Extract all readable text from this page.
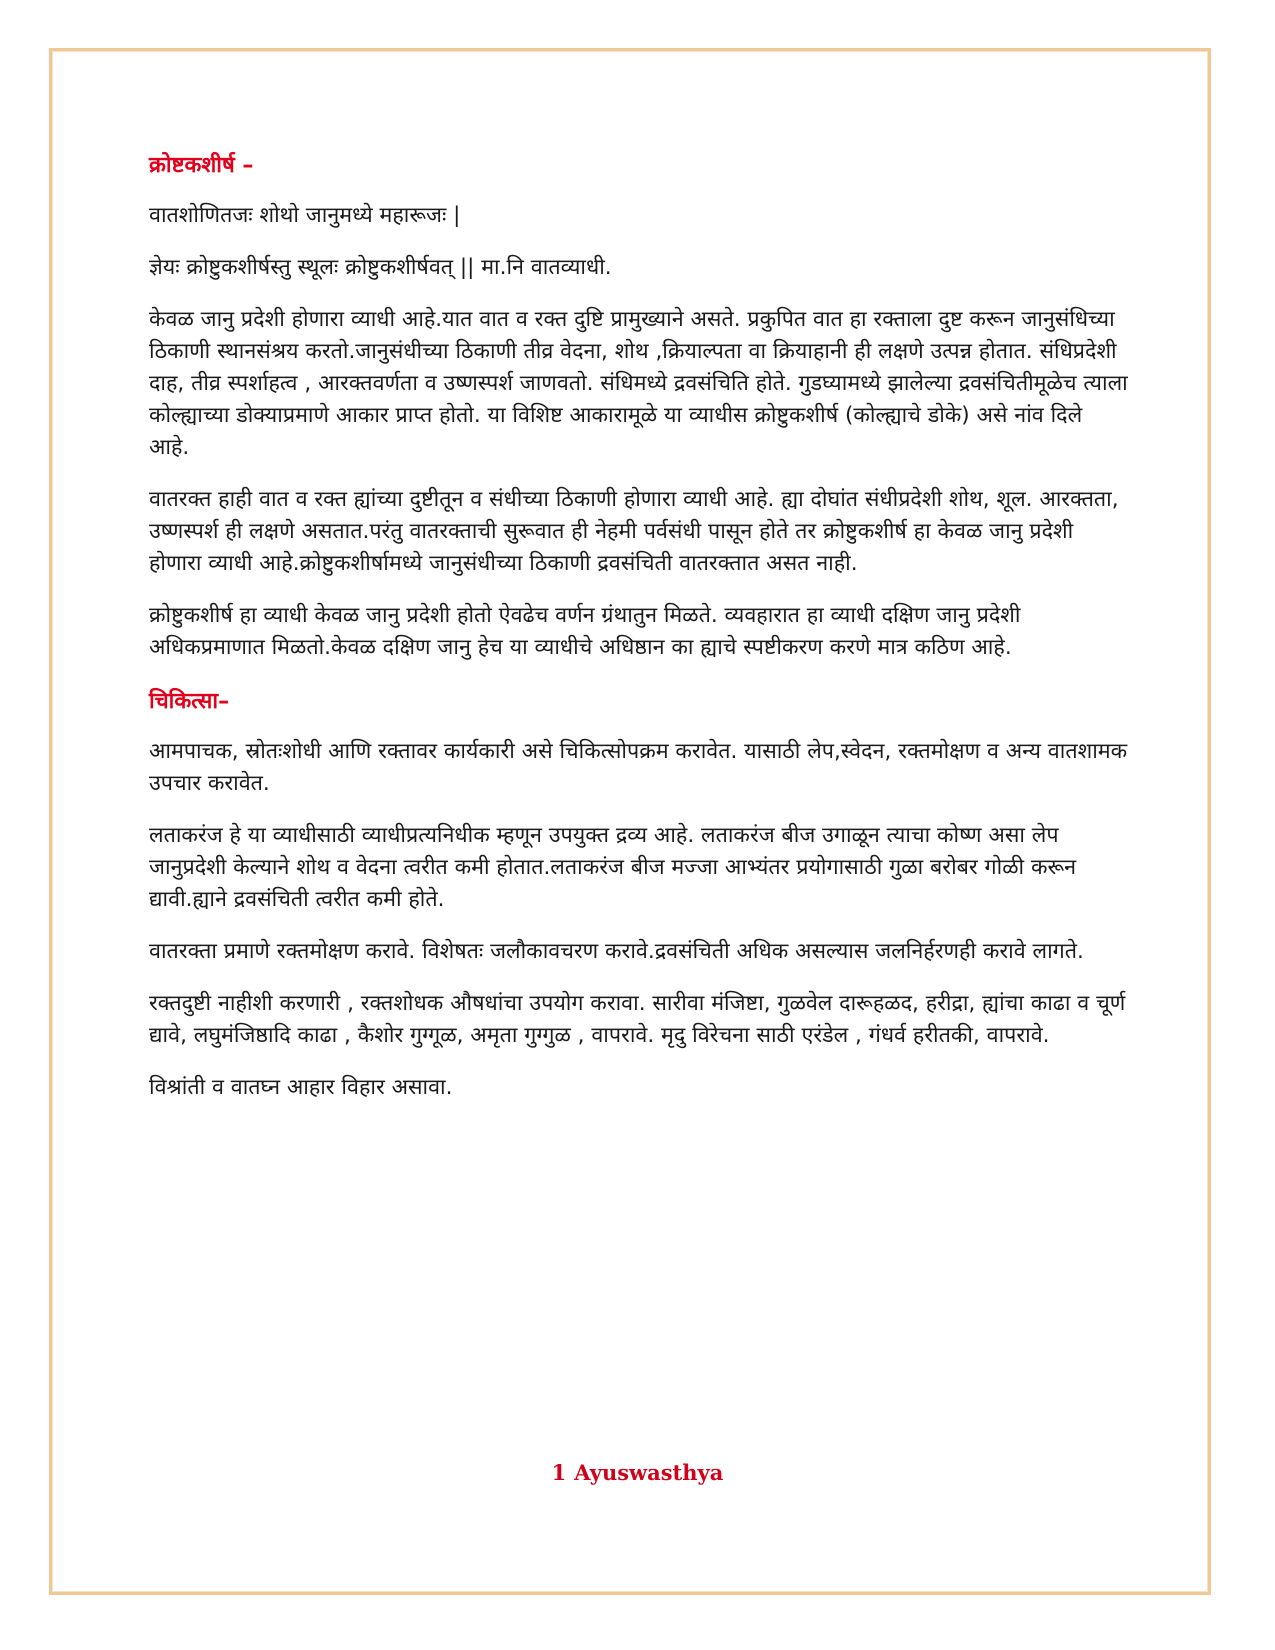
क्रोष्टकशीर्ष –

वातशोणितजः शोथो जानुमध्ये महारूजः |

ज्ञेयः क्रोष्टुकशीर्षस्तु स्थूलः क्रोष्टुकशीर्षवत् || मा.नि वातव्याधी.

केवळ जानु प्रदेशी होणारा व्याधी आहे.यात वात व रक्त दुष्टि प्रामुख्याने असते. प्रकुपित वात हा रक्ताला दुष्ट करून जानुसंधिच्या ठिकाणी स्थानसंश्रय करतो.जानुसंधीच्या ठिकाणी तीव्र वेदना, शोथ ,क्रियाल्पता वा क्रियाहानी ही लक्षणे उत्पन्न होतात. संधिप्रदेशी दाह, तीव्र स्पर्शाहत्व , आरक्तवर्णता व उष्णस्पर्श जाणवतो. संधिमध्ये द्रवसंचिति होते. गुडघ्यामध्ये झालेल्या द्रवसंचितीमूळेच त्याला कोल्ह्याच्या डोक्याप्रमाणे आकार प्राप्त होतो. या विशिष्ट आकारामूळे या व्याधीस क्रोष्टुकशीर्ष (कोल्ह्याचे डोके) असे नांव दिले आहे.

वातरक्त हाही वात व रक्त ह्यांच्या दुष्टीतून व संधीच्या ठिकाणी होणारा व्याधी आहे. ह्या दोघांत संधीप्रदेशी शोथ, शूल. आरक्तता, उष्णस्पर्श ही लक्षणे असतात.परंतु वातरक्ताची सुरूवात ही नेहमी पर्वसंधी पासून होते तर क्रोष्टुकशीर्ष हा केवळ जानु प्रदेशी होणारा व्याधी आहे.क्रोष्टुकशीर्षामध्ये जानुसंधीच्या ठिकाणी द्रवसंचिती वातरक्तात असत नाही.

क्रोष्टुकशीर्ष हा व्याधी केवळ जानु प्रदेशी होतो ऐवढेच वर्णन ग्रंथातुन मिळते. व्यवहारात हा व्याधी दक्षिण जानु प्रदेशी अधिकप्रमाणात मिळतो.केवळ दक्षिण जानु हेच या व्याधीचे अधिष्ठान का ह्याचे स्पष्टीकरण करणे मात्र कठिण आहे.

चिकित्सा–

आमपाचक, स्रोतःशोधी आणि रक्तावर कार्यकारी असे चिकित्सोपक्रम करावेत. यासाठी लेप,स्वेदन, रक्तमोक्षण व अन्य वातशामक उपचार करावेत.

लताकरंज हे या व्याधीसाठी व्याधीप्रत्यनिधीक म्हणून उपयुक्त द्रव्य आहे. लताकरंज बीज उगाळून त्याचा कोष्ण असा लेप जानुप्रदेशी केल्याने शोथ व वेदना त्वरीत कमी होतात.लताकरंज बीज मज्जा आभ्यंतर प्रयोगासाठी गुळा बरोबर गोळी करून द्यावी.ह्याने द्रवसंचिती त्वरीत कमी होते.

वातरक्ता प्रमाणे रक्तमोक्षण करावे. विशेषतः जलौकावचरण करावे.द्रवसंचिती अधिक असल्यास जलनिर्हरणही करावे लागते.

रक्तदुष्टी नाहीशी करणारी , रक्तशोधक औषधांचा उपयोग करावा. सारीवा मंजिष्टा, गुळवेल दारूहळद, हरीद्रा, ह्यांचा काढा व चूर्ण द्यावे, लघुमंजिष्ठादि काढा , कैशोर गुग्गूळ, अमृता गुग्गुळ , वापरावे. मृदु विरेचना साठी एरंडेल , गंधर्व हरीतकी, वापरावे.

विश्रांती व वातघ्न आहार विहार असावा.

1 Ayuswasthya
